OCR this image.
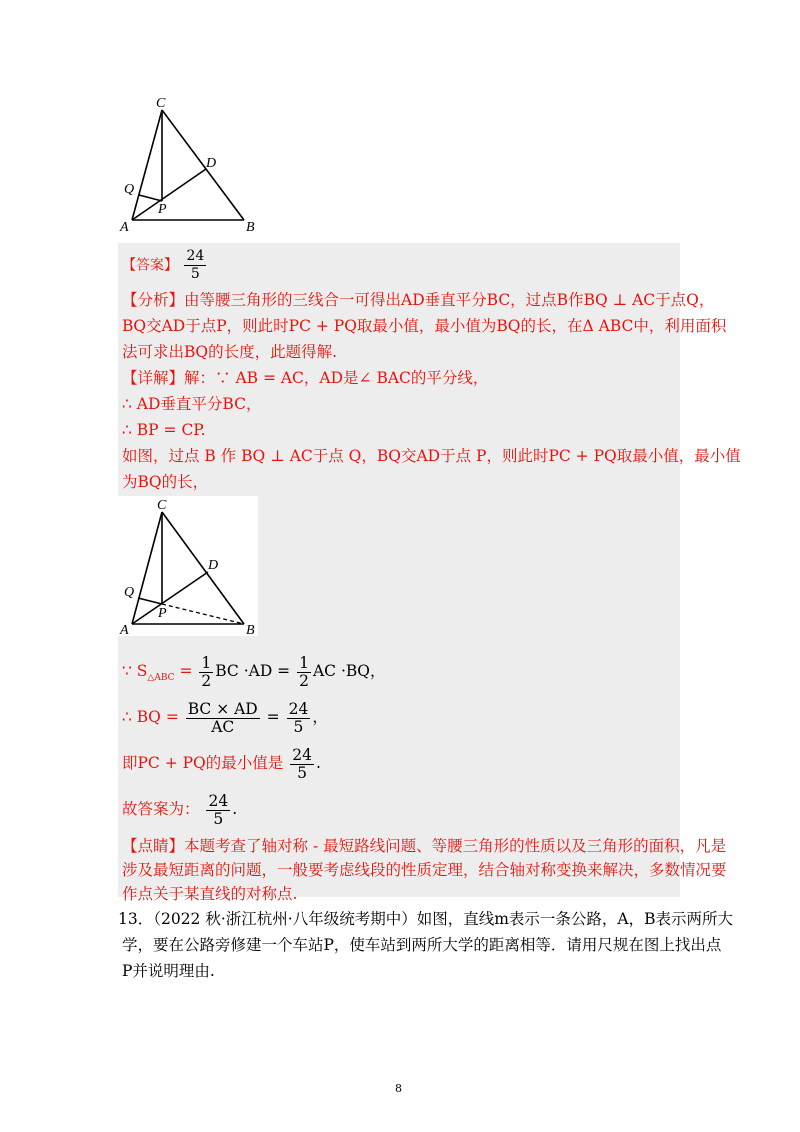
C
D
Q
P
A	B
【答案】 $\frac{24}{5}$
【分析】由等腰三角形的三线合一可得出AD垂直平分BC，过点B作BQ ⊥ AC于点Q，
BQ交AD于点P，则此时PC + PQ取最小值，最小值为BQ的长，在Δ ABC中，利用面积
法可求出BQ的长度，此题得解.
【详解】解：∵ AB = AC，AD是∠ BAC的平分线，
∴ AD垂直平分BC，
∴ BP = CP.
如图，过点 B 作 BQ ⊥ AC于点 Q，BQ交AD于点 P，则此时PC + PQ取最小值，最小值
为BQ的长，
C
D
Q
P
A	B
∵ $S_{\triangle ABC} = \frac{1}{2}$ BC $\cdot AD = \frac{1}{2}$ AC ·BQ，
∴ BQ = $\frac{BC \times AD}{AC} = \frac{24}{5}$ ，
即PC + PQ的最小值是 $\frac{24}{5}$ .
故答案为： $\frac{24}{5}$ .
【点睛】本题考查了轴对称 - 最短路线问题、等腰三角形的性质以及三角形的面积，凡是
涉及最短距离的问题，一般要考虑线段的性质定理，结合轴对称变换来解决，多数情况要
作点关于某直线的对称点.
13．（2022 秋·浙江杭州·八年级统考期中）如图，直线m表示一条公路，A，B表示两所大
学，要在公路旁修建一个车站P，使车站到两所大学的距离相等．请用尺规在图上找出点
P并说明理由.
8
